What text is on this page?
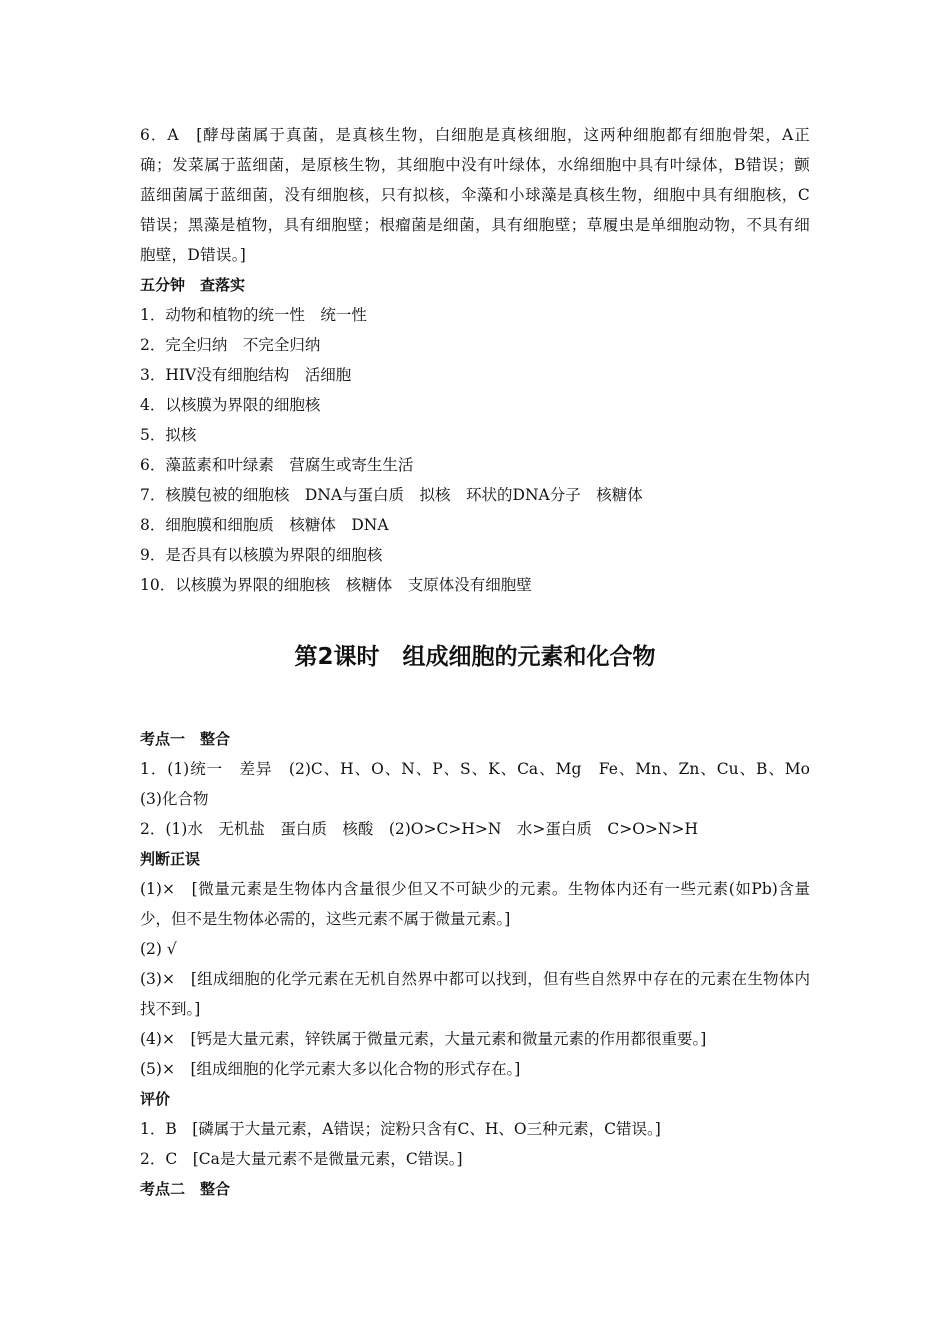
6．A　[酵母菌属于真菌，是真核生物，白细胞是真核细胞，这两种细胞都有细胞骨架，A正确；发菜属于蓝细菌，是原核生物，其细胞中没有叶绿体，水绵细胞中具有叶绿体，B错误；颤蓝细菌属于蓝细菌，没有细胞核，只有拟核，伞藻和小球藻是真核生物，细胞中具有细胞核，C错误；黑藻是植物，具有细胞壁；根瘤菌是细菌，具有细胞壁；草履虫是单细胞动物，不具有细胞壁，D错误。]

五分钟　查落实

1．动物和植物的统一性　统一性

2．完全归纳　不完全归纳

3．HIV没有细胞结构　活细胞

4．以核膜为界限的细胞核

5．拟核

6．藻蓝素和叶绿素　营腐生或寄生生活

7．核膜包被的细胞核　DNA与蛋白质　拟核　环状的DNA分子　核糖体

8．细胞膜和细胞质　核糖体　DNA

9．是否具有以核膜为界限的细胞核

10．以核膜为界限的细胞核　核糖体　支原体没有细胞壁

第2课时　组成细胞的元素和化合物

考点一　整合

1．(1)统一　差异　(2)C、H、O、N、P、S、K、Ca、Mg　Fe、Mn、Zn、Cu、B、Mo　(3)化合物

2．(1)水　无机盐　蛋白质　核酸　(2)O>C>H>N　水>蛋白质　C>O>N>H

判断正误

(1)×　[微量元素是生物体内含量很少但又不可缺少的元素。生物体内还有一些元素(如Pb)含量少，但不是生物体必需的，这些元素不属于微量元素。]

(2) √

(3)×　[组成细胞的化学元素在无机自然界中都可以找到，但有些自然界中存在的元素在生物体内找不到。]

(4)×　[钙是大量元素，锌铁属于微量元素，大量元素和微量元素的作用都很重要。]

(5)×　[组成细胞的化学元素大多以化合物的形式存在。]

评价

1．B　[磷属于大量元素，A错误；淀粉只含有C、H、O三种元素，C错误。]

2．C　[Ca是大量元素不是微量元素，C错误。]

考点二　整合
